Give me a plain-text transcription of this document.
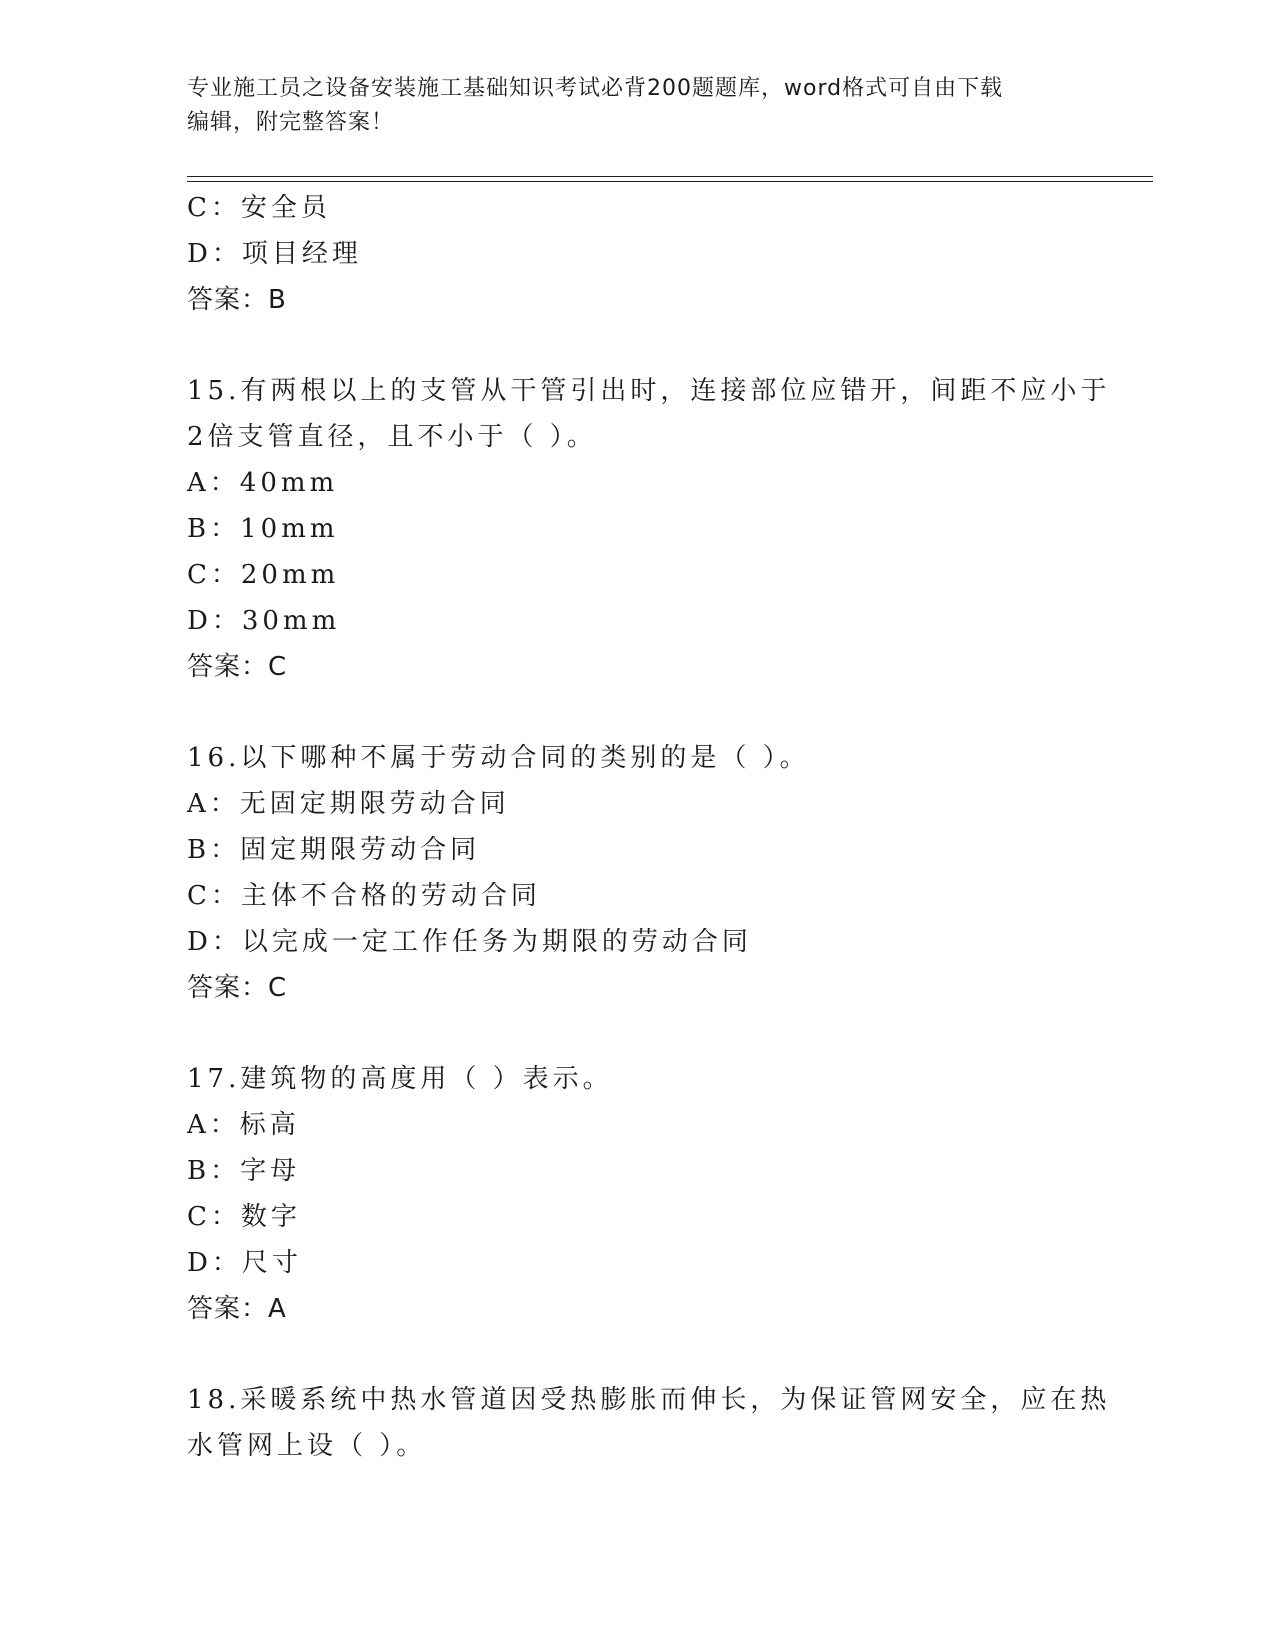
专业施工员之设备安装施工基础知识考试必背200题题库，word格式可自由下载
编辑，附完整答案！
C：安全员
D：项目经理
答案：B
15.有两根以上的支管从干管引出时，连接部位应错开，间距不应小于
2倍支管直径，且不小于（ ）。
A：40mm
B：10mm
C：20mm
D：30mm
答案：C
16.以下哪种不属于劳动合同的类别的是（ ）。
A：无固定期限劳动合同
B：固定期限劳动合同
C：主体不合格的劳动合同
D：以完成一定工作任务为期限的劳动合同
答案：C
17.建筑物的高度用（ ）表示。
A：标高
B：字母
C：数字
D：尺寸
答案：A
18.采暖系统中热水管道因受热膨胀而伸长，为保证管网安全，应在热
水管网上设（ ）。
